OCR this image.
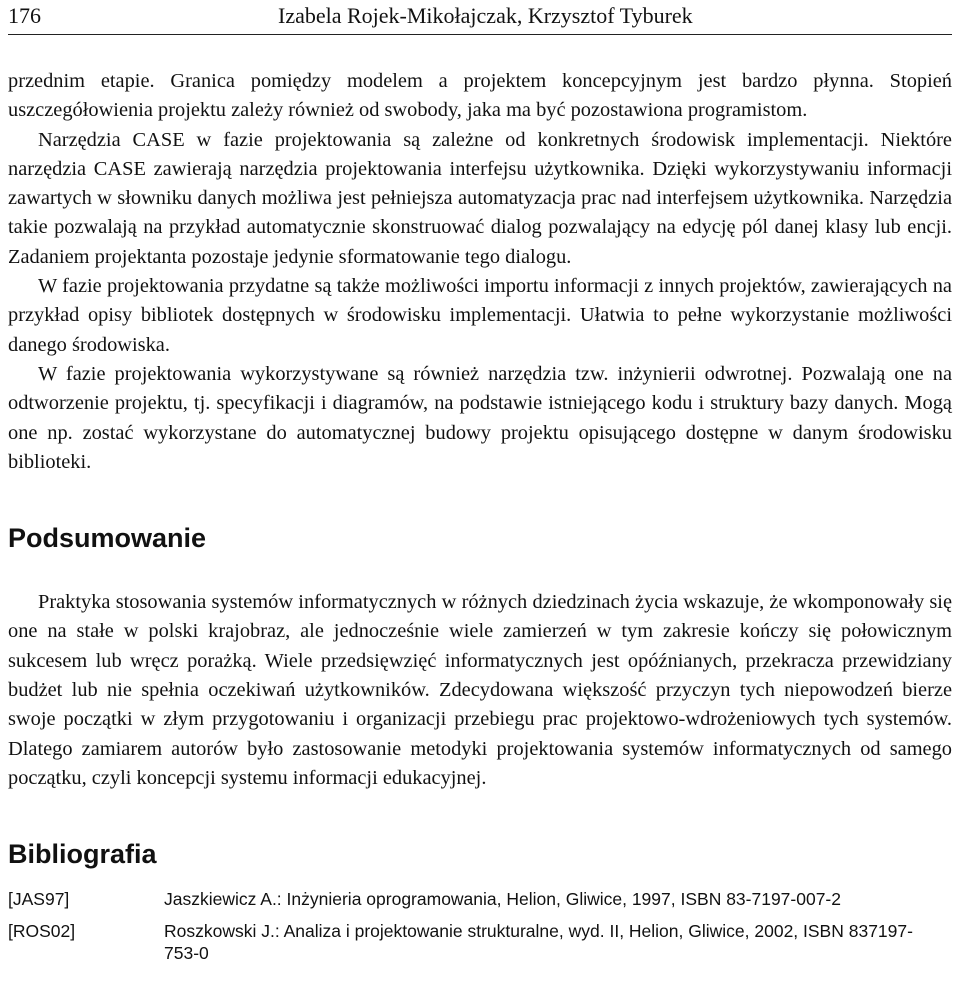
176	Izabela Rojek-Mikołajczak, Krzysztof Tyburek

przednim etapie. Granica pomiędzy modelem a projektem koncepcyjnym jest bardzo płynna. Stopień uszczegółowienia projektu zależy również od swobody, jaka ma być pozostawiona programistom.

Narzędzia CASE w fazie projektowania są zależne od konkretnych środowisk implementacji. Niektóre narzędzia CASE zawierają narzędzia projektowania interfejsu użytkownika. Dzięki wykorzystywaniu informacji zawartych w słowniku danych możliwa jest pełniejsza automatyzacja prac nad interfejsem użytkownika. Narzędzia takie pozwalają na przykład automatycznie skonstruować dialog pozwalający na edycję pól danej klasy lub encji. Zadaniem projektanta pozostaje jedynie sformatowanie tego dialogu.

W fazie projektowania przydatne są także możliwości importu informacji z innych projektów, zawierających na przykład opisy bibliotek dostępnych w środowisku implementacji. Ułatwia to pełne wykorzystanie możliwości danego środowiska.

W fazie projektowania wykorzystywane są również narzędzia tzw. inżynierii odwrotnej. Pozwalają one na odtworzenie projektu, tj. specyfikacji i diagramów, na podstawie istniejącego kodu i struktury bazy danych. Mogą one np. zostać wykorzystane do automatycznej budowy projektu opisującego dostępne w danym środowisku biblioteki.

Podsumowanie

Praktyka stosowania systemów informatycznych w różnych dziedzinach życia wskazuje, że wkomponowały się one na stałe w polski krajobraz, ale jednocześnie wiele zamierzeń w tym zakresie kończy się połowicznym sukcesem lub wręcz porażką. Wiele przedsięwzięć informatycznych jest opóźnianych, przekracza przewidziany budżet lub nie spełnia oczekiwań użytkowników. Zdecydowana większość przyczyn tych niepowodzeń bierze swoje początki w złym przygotowaniu i organizacji przebiegu prac projektowo-wdrożeniowych tych systemów. Dlatego zamiarem autorów było zastosowanie metodyki projektowania systemów informatycznych od samego początku, czyli koncepcji systemu informacji edukacyjnej.

Bibliografia
[JAS97]	Jaszkiewicz A.: Inżynieria oprogramowania, Helion, Gliwice, 1997, ISBN 83-7197-007-2
[ROS02]	Roszkowski J.: Analiza i projektowanie strukturalne, wyd. II, Helion, Gliwice, 2002, ISBN 837197-753-0
